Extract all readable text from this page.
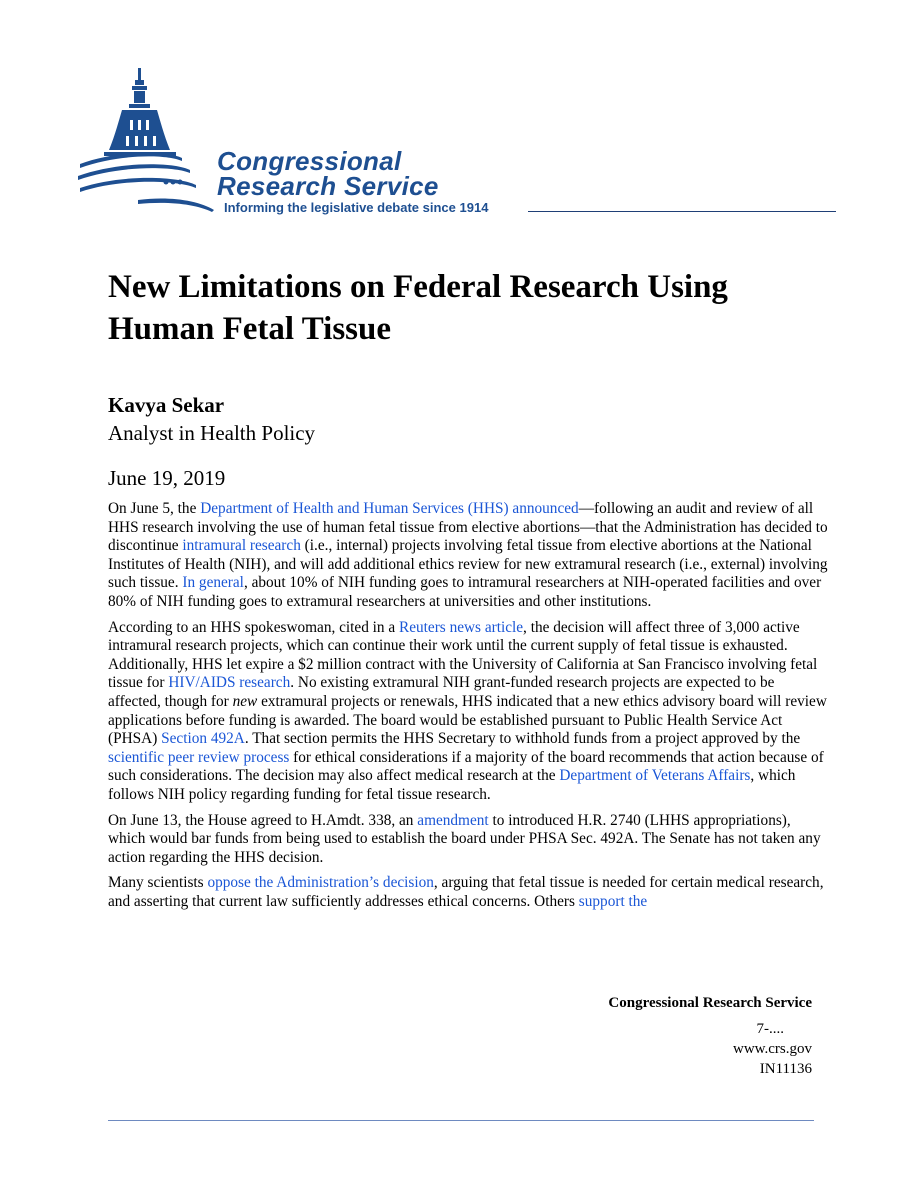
Congressional
Research Service
Informing the legislative debate since 1914
New Limitations on Federal Research Using Human Fetal Tissue
Kavya Sekar
Analyst in Health Policy
June 19, 2019

On June 5, the Department of Health and Human Services (HHS) announced—following an audit and review of all HHS research involving the use of human fetal tissue from elective abortions—that the Administration has decided to discontinue intramural research (i.e., internal) projects involving fetal tissue from elective abortions at the National Institutes of Health (NIH), and will add additional ethics review for new extramural research (i.e., external) involving such tissue. In general, about 10% of NIH funding goes to intramural researchers at NIH-operated facilities and over 80% of NIH funding goes to extramural researchers at universities and other institutions.

According to an HHS spokeswoman, cited in a Reuters news article, the decision will affect three of 3,000 active intramural research projects, which can continue their work until the current supply of fetal tissue is exhausted. Additionally, HHS let expire a $2 million contract with the University of California at San Francisco involving fetal tissue for HIV/AIDS research. No existing extramural NIH grant-funded research projects are expected to be affected, though for new extramural projects or renewals, HHS indicated that a new ethics advisory board will review applications before funding is awarded. The board would be established pursuant to Public Health Service Act (PHSA) Section 492A. That section permits the HHS Secretary to withhold funds from a project approved by the scientific peer review process for ethical considerations if a majority of the board recommends that action because of such considerations. The decision may also affect medical research at the Department of Veterans Affairs, which follows NIH policy regarding funding for fetal tissue research.

On June 13, the House agreed to H.Amdt. 338, an amendment to introduced H.R. 2740 (LHHS appropriations), which would bar funds from being used to establish the board under PHSA Sec. 492A. The Senate has not taken any action regarding the HHS decision.

Many scientists oppose the Administration’s decision, arguing that fetal tissue is needed for certain medical research, and asserting that current law sufficiently addresses ethical concerns. Others support the

Congressional Research Service
7-....
www.crs.gov
IN11136
